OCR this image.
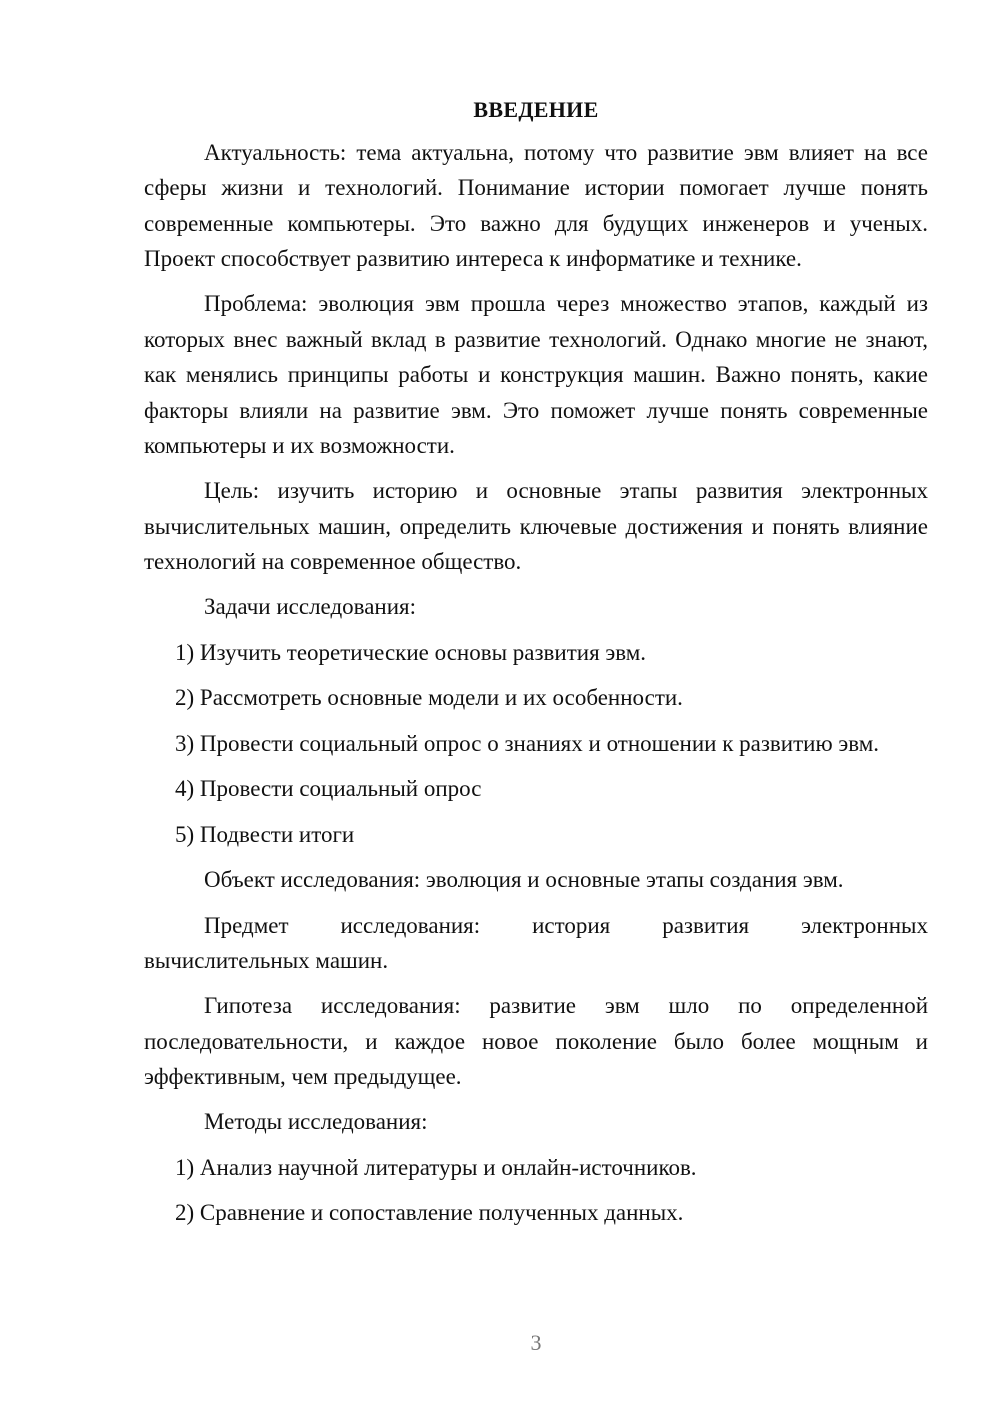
ВВЕДЕНИЕ

Актуальность: тема актуальна, потому что развитие эвм влияет на все сферы жизни и технологий. Понимание истории помогает лучше понять современные компьютеры. Это важно для будущих инженеров и ученых. Проект способствует развитию интереса к информатике и технике.

Проблема: эволюция эвм прошла через множество этапов, каждый из которых внес важный вклад в развитие технологий. Однако многие не знают, как менялись принципы работы и конструкция машин. Важно понять, какие факторы влияли на развитие эвм. Это поможет лучше понять современные компьютеры и их возможности.

Цель: изучить историю и основные этапы развития электронных вычислительных машин, определить ключевые достижения и понять влияние технологий на современное общество.

Задачи исследования:

1) Изучить теоретические основы развития эвм.

2) Рассмотреть основные модели и их особенности.

3) Провести социальный опрос о знаниях и отношении к развитию эвм.

4) Провести социальный опрос

5) Подвести итоги

Объект исследования: эволюция и основные этапы создания эвм.

Предмет исследования: история развития электронных
вычислительных машин.

Гипотеза исследования: развитие эвм шло по определенной последовательности, и каждое новое поколение было более мощным и эффективным, чем предыдущее.

Методы исследования:

1) Анализ научной литературы и онлайн-источников.

2) Сравнение и сопоставление полученных данных.

3
